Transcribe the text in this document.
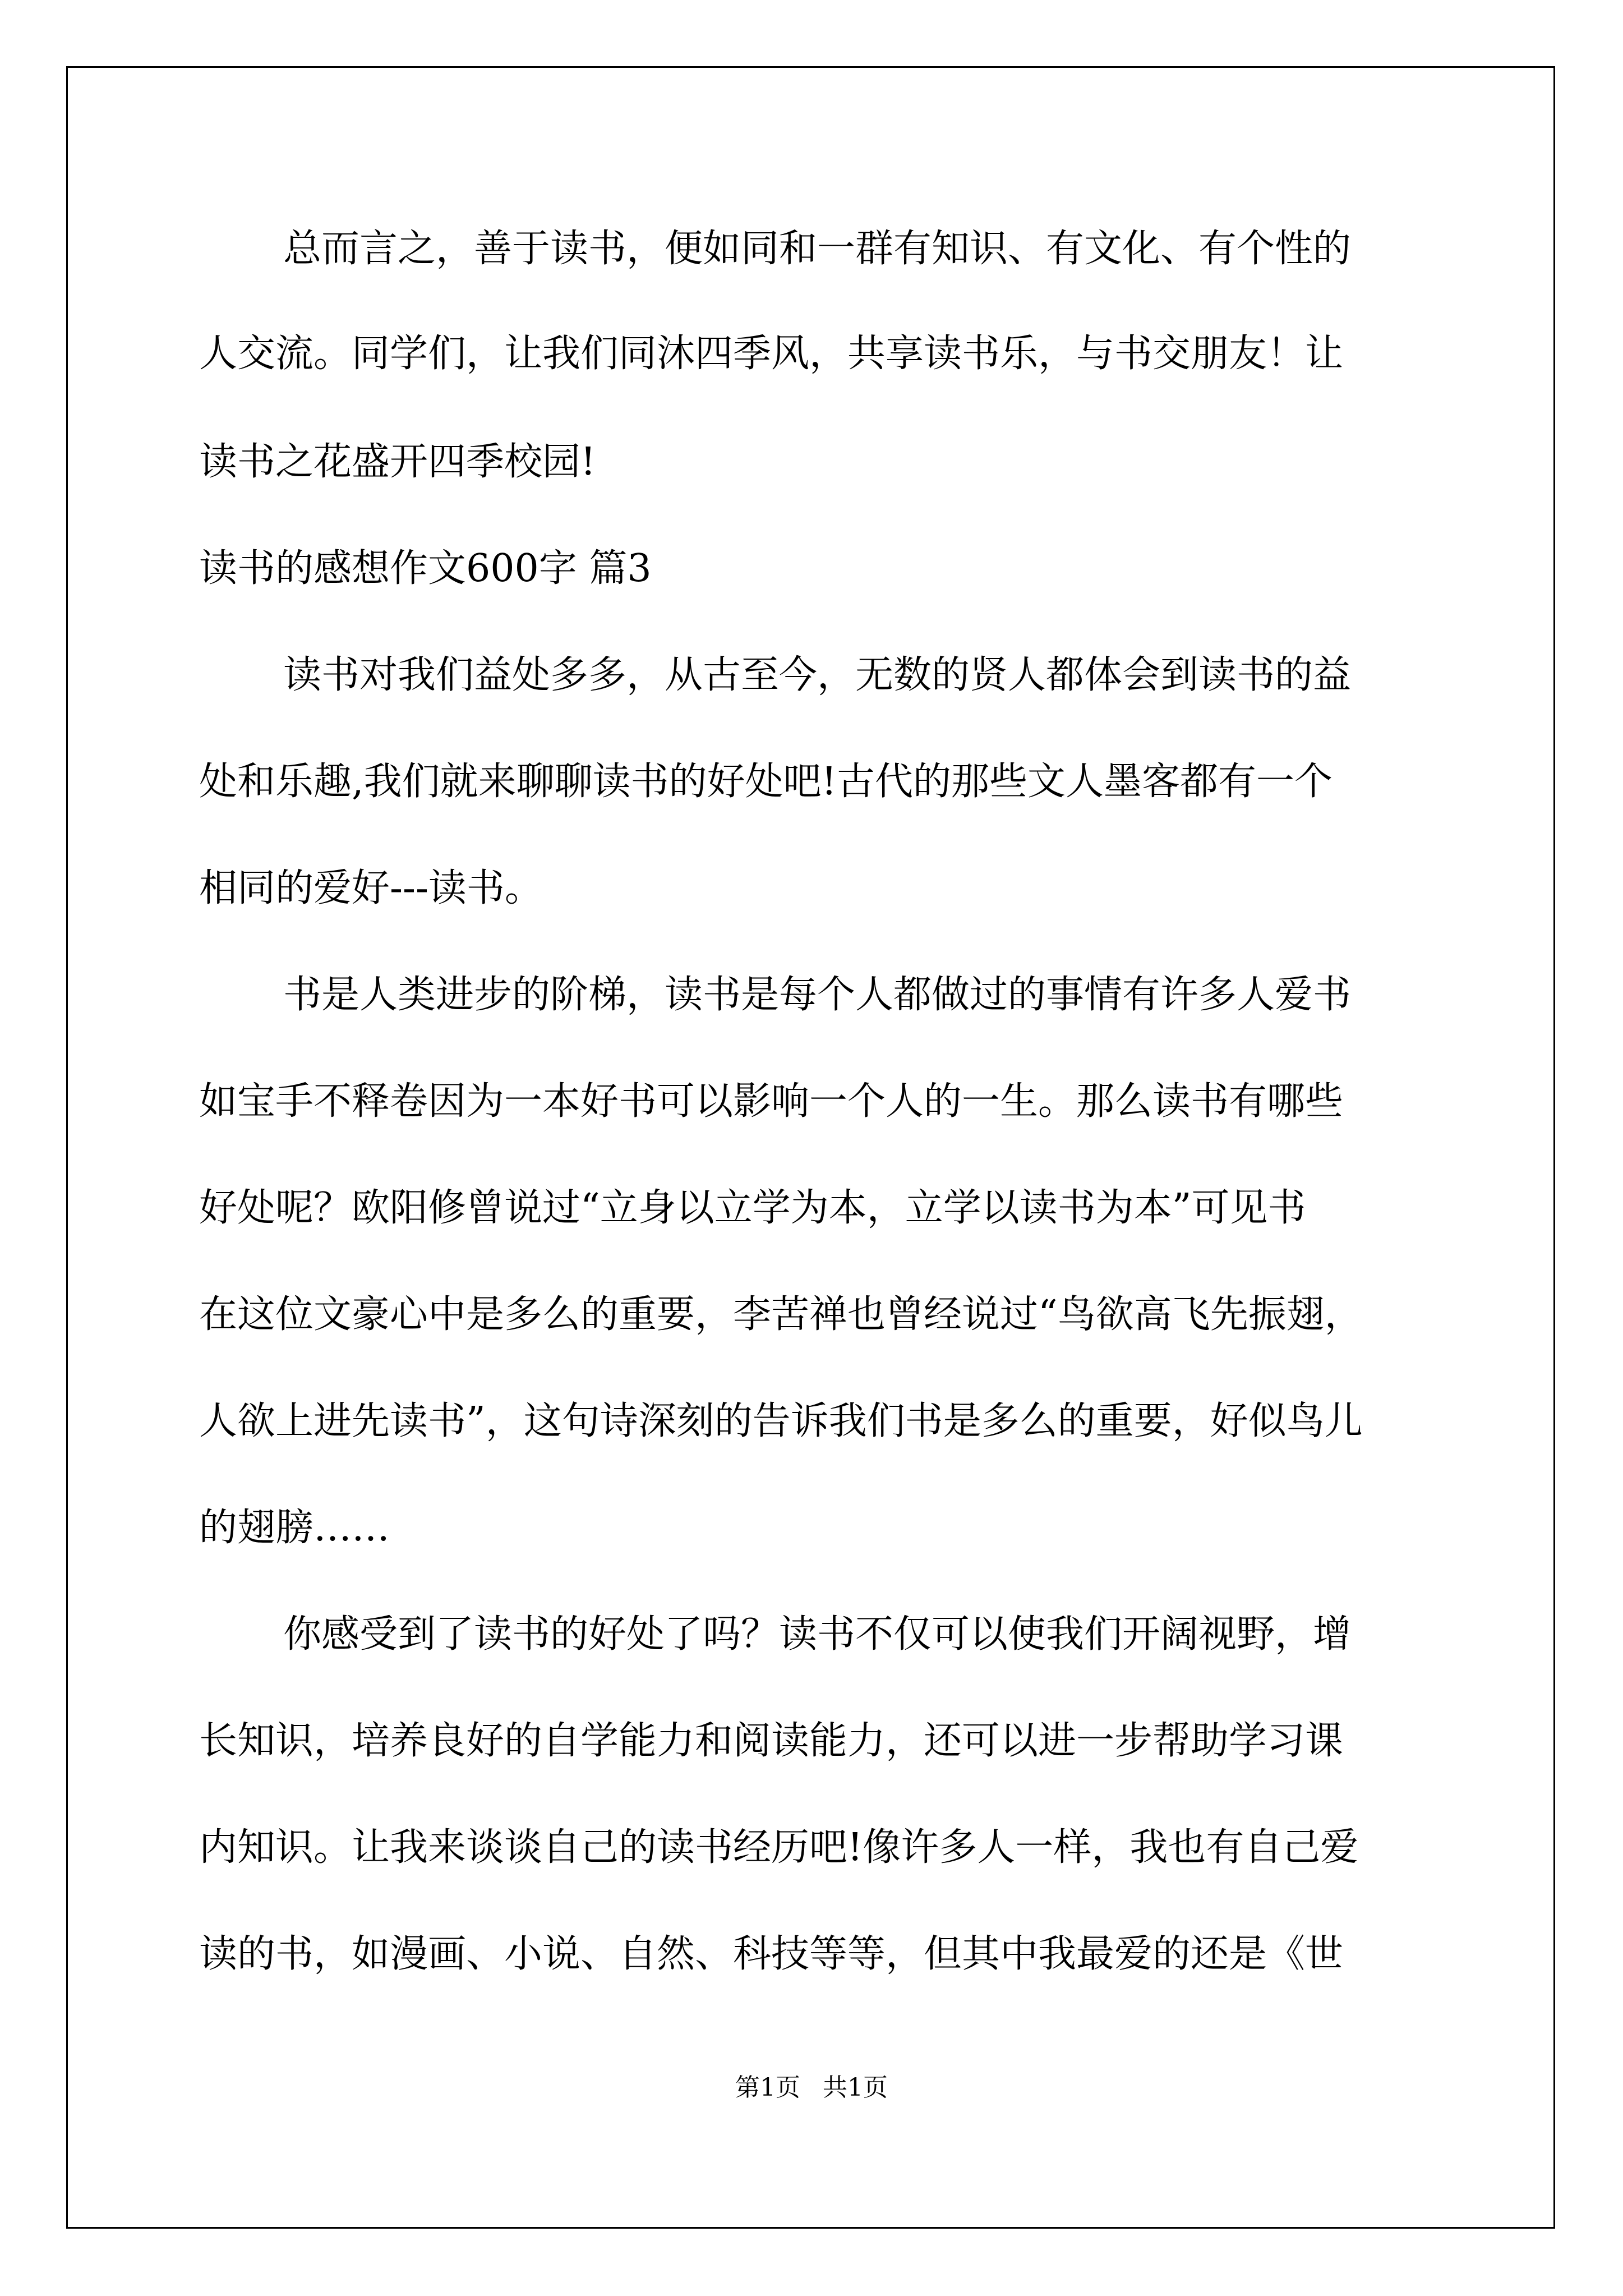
总而言之，善于读书，便如同和一群有知识、有文化、有个性的
人交流。同学们，让我们同沐四季风，共享读书乐，与书交朋友！让
读书之花盛开四季校园!
读书的感想作文600字 篇3
读书对我们益处多多，从古至今，无数的贤人都体会到读书的益
处和乐趣,我们就来聊聊读书的好处吧!古代的那些文人墨客都有一个
相同的爱好---读书。
书是人类进步的阶梯，读书是每个人都做过的事情有许多人爱书
如宝手不释卷因为一本好书可以影响一个人的一生。那么读书有哪些
好处呢？欧阳修曾说过“立身以立学为本，立学以读书为本”可见书
在这位文豪心中是多么的重要，李苦禅也曾经说过“鸟欲高飞先振翅，
人欲上进先读书”，这句诗深刻的告诉我们书是多么的重要，好似鸟儿
的翅膀……
你感受到了读书的好处了吗？读书不仅可以使我们开阔视野，增
长知识，培养良好的自学能力和阅读能力，还可以进一步帮助学习课
内知识。让我来谈谈自己的读书经历吧!像许多人一样，我也有自己爱
读的书，如漫画、小说、自然、科技等等，但其中我最爱的还是《世
第1页 共1页
